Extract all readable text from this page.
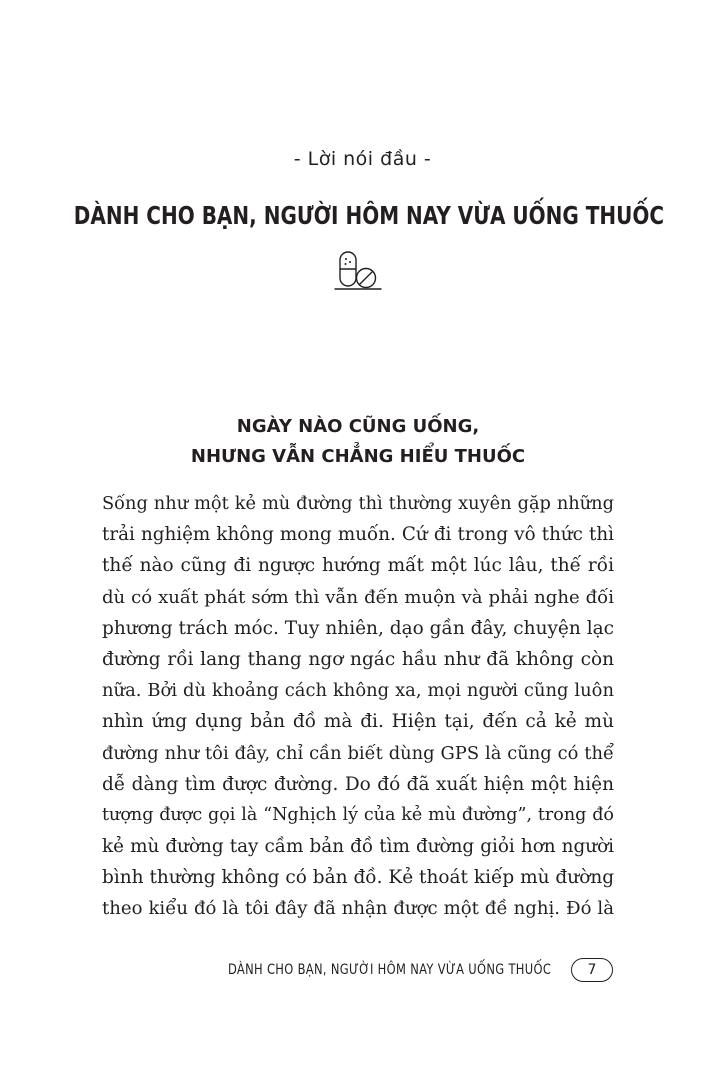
- Lời nói đầu -
DÀNH CHO BẠN, NGƯỜI HÔM NAY VỪA UỐNG THUỐC
NGÀY NÀO CŨNG UỐNG,
NHƯNG VẪN CHẲNG HIỂU THUỐC
Sống như một kẻ mù đường thì thường xuyên gặp những
trải nghiệm không mong muốn. Cứ đi trong vô thức thì
thế nào cũng đi ngược hướng mất một lúc lâu, thế rồi
dù có xuất phát sớm thì vẫn đến muộn và phải nghe đối
phương trách móc. Tuy nhiên, dạo gần đây, chuyện lạc
đường rồi lang thang ngơ ngác hầu như đã không còn
nữa. Bởi dù khoảng cách không xa, mọi người cũng luôn
nhìn ứng dụng bản đồ mà đi. Hiện tại, đến cả kẻ mù
đường như tôi đây, chỉ cần biết dùng GPS là cũng có thể
dễ dàng tìm được đường. Do đó đã xuất hiện một hiện
tượng được gọi là “Nghịch lý của kẻ mù đường”, trong đó
kẻ mù đường tay cầm bản đồ tìm đường giỏi hơn người
bình thường không có bản đồ. Kẻ thoát kiếp mù đường
theo kiểu đó là tôi đây đã nhận được một đề nghị. Đó là
DÀNH CHO BẠN, NGƯỜI HÔM NAY VỪA UỐNG THUỐC	7
